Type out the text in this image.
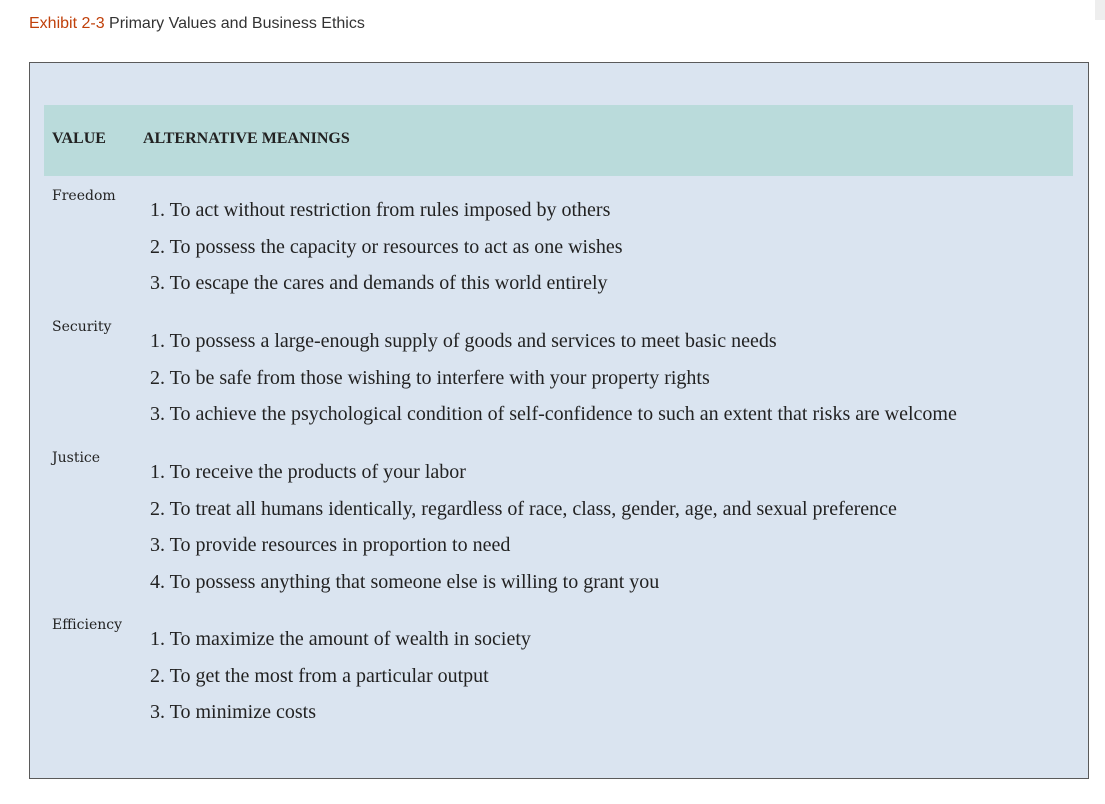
Exhibit 2-3 Primary Values and Business Ethics
VALUE ALTERNATIVE MEANINGS
Freedom
1. To act without restriction from rules imposed by others
2. To possess the capacity or resources to act as one wishes
3. To escape the cares and demands of this world entirely
Security
1. To possess a large-enough supply of goods and services to meet basic needs
2. To be safe from those wishing to interfere with your property rights
3. To achieve the psychological condition of self-confidence to such an extent that risks are welcome
Justice
1. To receive the products of your labor
2. To treat all humans identically, regardless of race, class, gender, age, and sexual preference
3. To provide resources in proportion to need
4. To possess anything that someone else is willing to grant you
Efficiency
1. To maximize the amount of wealth in society
2. To get the most from a particular output
3. To minimize costs
